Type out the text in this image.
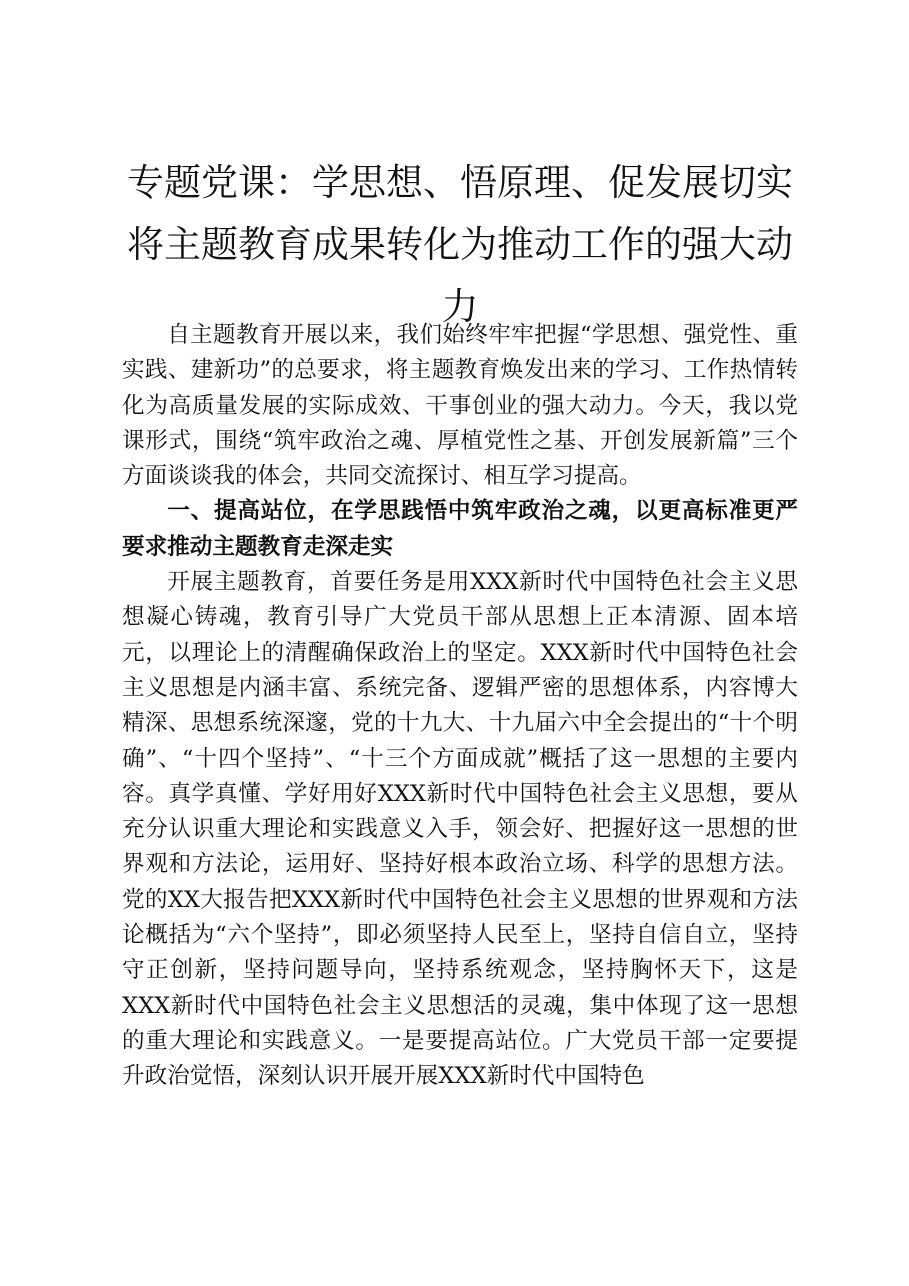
专题党课：学思想、悟原理、促发展切实将主题教育成果转化为推动工作的强大动力

自主题教育开展以来，我们始终牢牢把握“学思想、强党性、重实践、建新功”的总要求，将主题教育焕发出来的学习、工作热情转化为高质量发展的实际成效、干事创业的强大动力。今天，我以党课形式，围绕“筑牢政治之魂、厚植党性之基、开创发展新篇”三个方面谈谈我的体会，共同交流探讨、相互学习提高。

一、提高站位，在学思践悟中筑牢政治之魂，以更高标准更严要求推动主题教育走深走实

开展主题教育，首要任务是用XXX新时代中国特色社会主义思想凝心铸魂，教育引导广大党员干部从思想上正本清源、固本培元，以理论上的清醒确保政治上的坚定。XXX新时代中国特色社会主义思想是内涵丰富、系统完备、逻辑严密的思想体系，内容博大精深、思想系统深邃，党的十九大、十九届六中全会提出的“十个明确”、“十四个坚持”、“十三个方面成就”概括了这一思想的主要内容。真学真懂、学好用好XXX新时代中国特色社会主义思想，要从充分认识重大理论和实践意义入手，领会好、把握好这一思想的世界观和方法论，运用好、坚持好根本政治立场、科学的思想方法。党的XX大报告把XXX新时代中国特色社会主义思想的世界观和方法论概括为“六个坚持”，即必须坚持人民至上，坚持自信自立，坚持守正创新，坚持问题导向，坚持系统观念，坚持胸怀天下，这是XXX新时代中国特色社会主义思想活的灵魂，集中体现了这一思想的重大理论和实践意义。一是要提高站位。广大党员干部一定要提升政治觉悟，深刻认识开展开展XXX新时代中国特色
